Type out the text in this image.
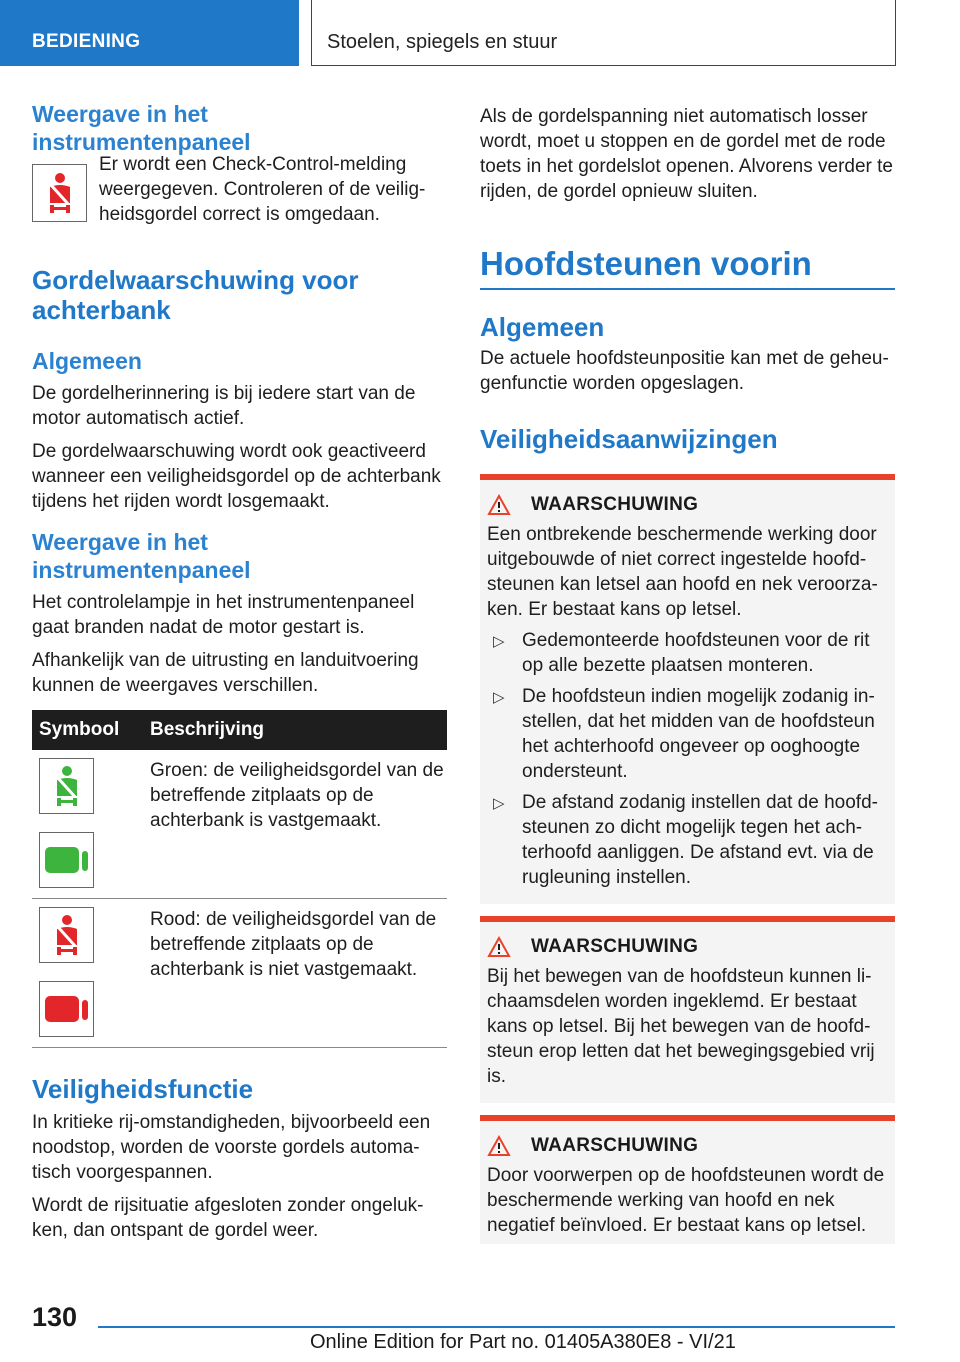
BEDIENING	Stoelen, spiegels en stuur
Weergave in het instrumentenpaneel
Er wordt een Check-Control-melding weergegeven. Controleren of de veilig- heidsgordel correct is omgedaan.
Gordelwaarschuwing voor achterbank
Algemeen
De gordelherinnering is bij iedere start van de motor automatisch actief.
De gordelwaarschuwing wordt ook geactiveerd wanneer een veiligheidsgordel op de achterbank tijdens het rijden wordt losgemaakt.
Weergave in het instrumentenpaneel
Het controlelampje in het instrumentenpaneel gaat branden nadat de motor gestart is.
Afhankelijk van de uitrusting en landuitvoering kunnen de weergaves verschillen.
Symbool	Beschrijving
Groen: de veiligheidsgordel van de betreffende zitplaats op de achterbank is vastgemaakt.
Rood: de veiligheidsgordel van de betreffende zitplaats op de achterbank is niet vastgemaakt.
Veiligheidsfunctie
In kritieke rij-omstandigheden, bijvoorbeeld een noodstop, worden de voorste gordels automa- tisch voorgespannen.
Wordt de rijsituatie afgesloten zonder ongeluk- ken, dan ontspant de gordel weer.
Als de gordelspanning niet automatisch losser wordt, moet u stoppen en de gordel met de rode toets in het gordelslot openen. Alvorens verder te rijden, de gordel opnieuw sluiten.
Hoofdsteunen voorin
Algemeen
De actuele hoofdsteunpositie kan met de geheu- genfunctie worden opgeslagen.
Veiligheidsaanwijzingen
WAARSCHUWING
Een ontbrekende beschermende werking door uitgebouwde of niet correct ingestelde hoofd- steunen kan letsel aan hoofd en nek veroorza- ken. Er bestaat kans op letsel.
▷ Gedemonteerde hoofdsteunen voor de rit op alle bezette plaatsen monteren.
▷ De hoofdsteun indien mogelijk zodanig in- stellen, dat het midden van de hoofdsteun het achterhoofd ongeveer op ooghoogte ondersteunt.
▷ De afstand zodanig instellen dat de hoofd- steunen zo dicht mogelijk tegen het ach- terhoofd aanliggen. De afstand evt. via de rugleuning instellen.
WAARSCHUWING
Bij het bewegen van de hoofdsteun kunnen li- chaamsdelen worden ingeklemd. Er bestaat kans op letsel. Bij het bewegen van de hoofd- steun erop letten dat het bewegingsgebied vrij is.
WAARSCHUWING
Door voorwerpen op de hoofdsteunen wordt de beschermende werking van hoofd en nek negatief beïnvloed. Er bestaat kans op letsel.
130
Online Edition for Part no. 01405A380E8 - VI/21
